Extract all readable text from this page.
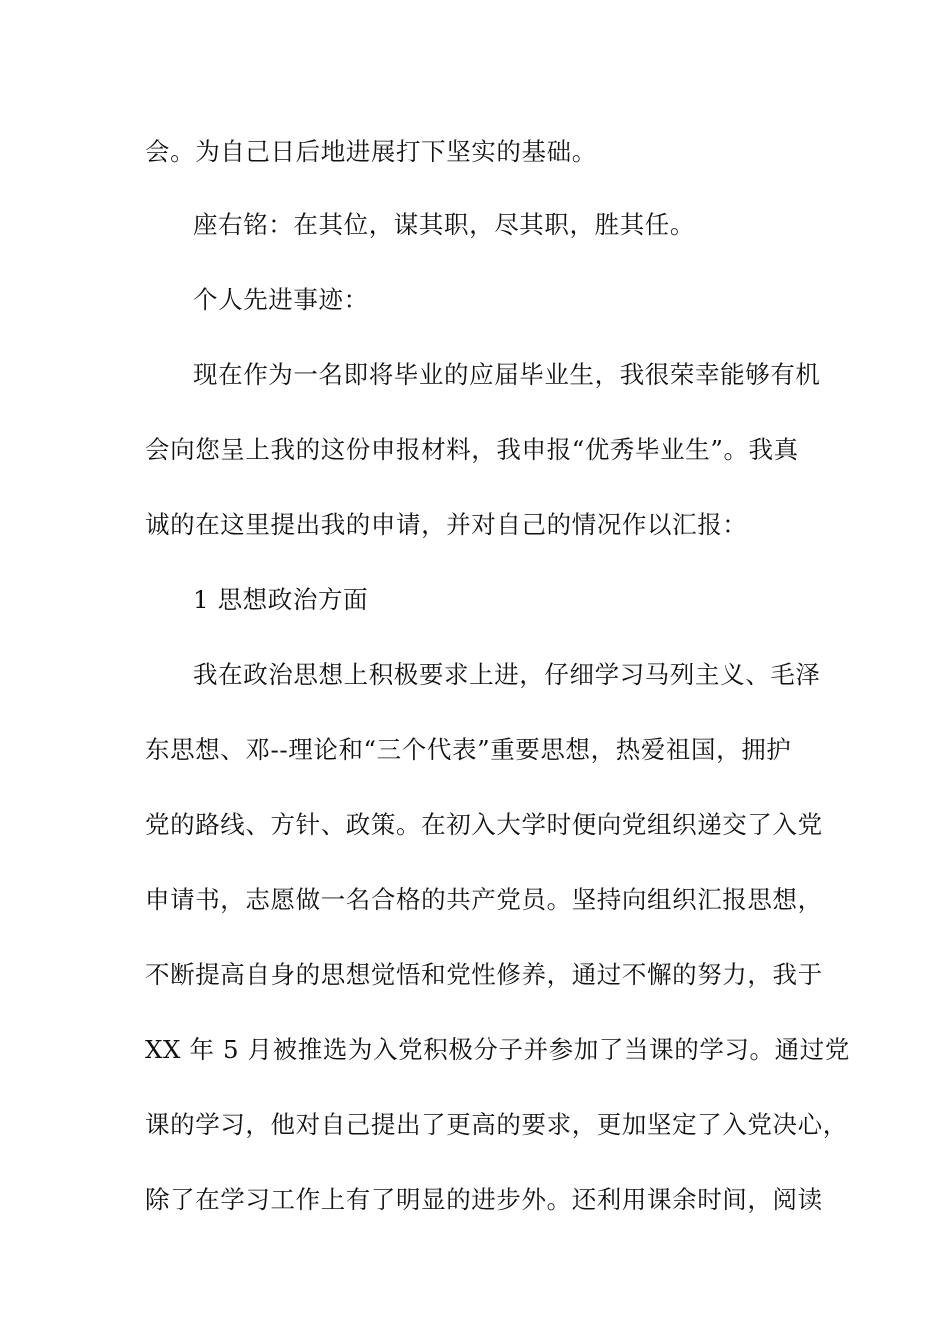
会。为自己日后地进展打下坚实的基础。
座右铭：在其位，谋其职，尽其职，胜其任。
个人先进事迹：
现在作为一名即将毕业的应届毕业生，我很荣幸能够有机
会向您呈上我的这份申报材料，我申报“优秀毕业生”。我真
诚的在这里提出我的申请，并对自己的情况作以汇报：
1 思想政治方面
我在政治思想上积极要求上进，仔细学习马列主义、毛泽
东思想、邓--理论和“三个代表”重要思想，热爱祖国，拥护
党的路线、方针、政策。在初入大学时便向党组织递交了入党
申请书，志愿做一名合格的共产党员。坚持向组织汇报思想，
不断提高自身的思想觉悟和党性修养，通过不懈的努力，我于
XX 年 5 月被推选为入党积极分子并参加了当课的学习。通过党
课的学习，他对自己提出了更高的要求，更加坚定了入党决心，
除了在学习工作上有了明显的进步外。还利用课余时间，阅读
